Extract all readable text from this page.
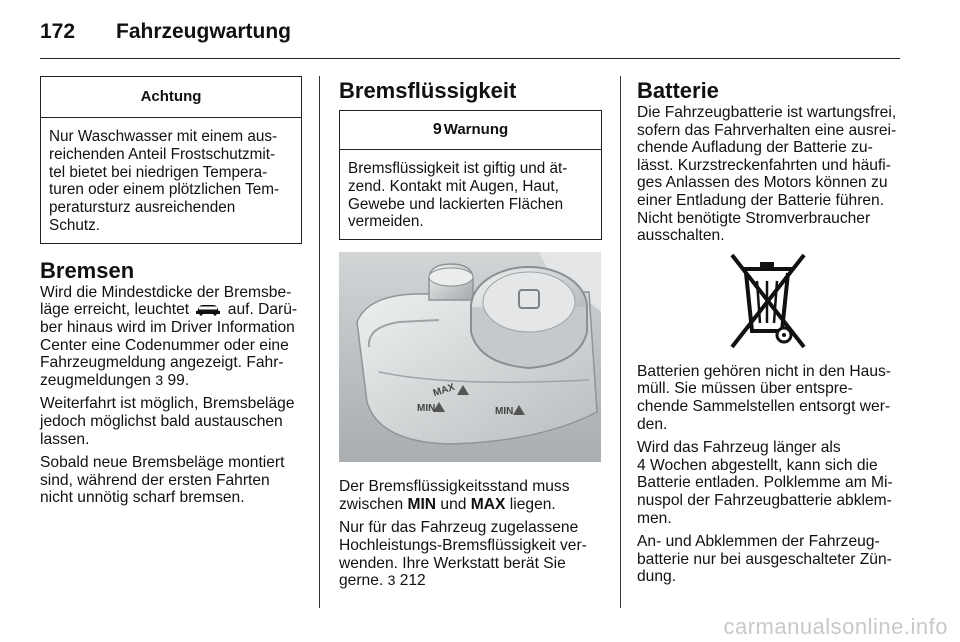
172 Fahrzeugwartung
Achtung
Nur Waschwasser mit einem aus-
reichenden Anteil Frostschutzmit-
tel bietet bei niedrigen Tempera-
turen oder einem plötzlichen Tem-
peratursturz ausreichenden
Schutz.
Bremsen

Wird die Mindestdicke der Bremsbe-
läge erreicht, leuchtet auf. Darü-
ber hinaus wird im Driver Information
Center eine Codenummer oder eine
Fahrzeugmeldung angezeigt. Fahr-
zeugmeldungen 3 99.

Weiterfahrt ist möglich, Bremsbeläge
jedoch möglichst bald austauschen
lassen.

Sobald neue Bremsbeläge montiert
sind, während der ersten Fahrten
nicht unnötig scharf bremsen.

Bremsflüssigkeit
9 Warnung
Bremsflüssigkeit ist giftig und ät-
zend. Kontakt mit Augen, Haut,
Gewebe und lackierten Flächen
vermeiden.
MAX
MIN	MIN

Der Bremsflüssigkeitsstand muss
zwischen MIN und MAX liegen.

Nur für das Fahrzeug zugelassene
Hochleistungs-Bremsflüssigkeit ver-
wenden. Ihre Werkstatt berät Sie
gerne. 3 212

Batterie

Die Fahrzeugbatterie ist wartungsfrei,
sofern das Fahrverhalten eine ausrei-
chende Aufladung der Batterie zu-
lässt. Kurzstreckenfahrten und häufi-
ges Anlassen des Motors können zu
einer Entladung der Batterie führen.
Nicht benötigte Stromverbraucher
ausschalten.

Batterien gehören nicht in den Haus-
müll. Sie müssen über entspre-
chende Sammelstellen entsorgt wer-
den.

Wird das Fahrzeug länger als
4 Wochen abgestellt, kann sich die
Batterie entladen. Polklemme am Mi-
nuspol der Fahrzeugbatterie abklem-
men.

An- und Abklemmen der Fahrzeug-
batterie nur bei ausgeschalteter Zün-
dung.

carmanualsonline.info
